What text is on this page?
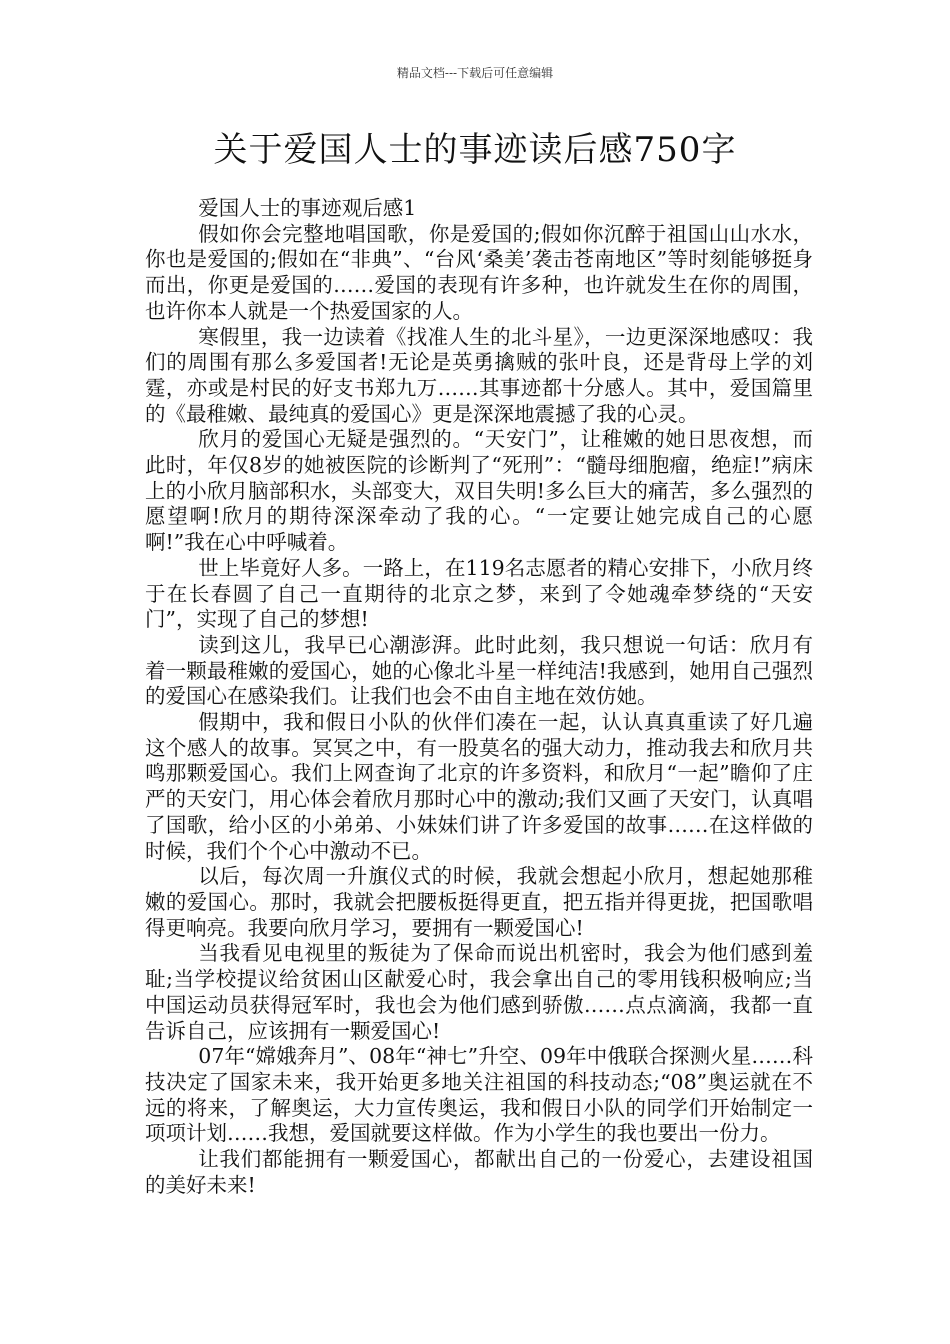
精品文档---下载后可任意编辑
关于爱国人士的事迹读后感750字

爱国人士的事迹观后感1

假如你会完整地唱国歌，你是爱国的;假如你沉醉于祖国山山水水，你也是爱国的;假如在“非典”、“台风‘桑美’袭击苍南地区”等时刻能够挺身而出，你更是爱国的……爱国的表现有许多种，也许就发生在你的周围，也许你本人就是一个热爱国家的人。

寒假里，我一边读着《找准人生的北斗星》，一边更深深地感叹：我们的周围有那么多爱国者!无论是英勇擒贼的张叶良，还是背母上学的刘霆，亦或是村民的好支书郑九万……其事迹都十分感人。其中，爱国篇里的《最稚嫩、最纯真的爱国心》更是深深地震撼了我的心灵。

欣月的爱国心无疑是强烈的。“天安门”，让稚嫩的她日思夜想，而此时，年仅8岁的她被医院的诊断判了“死刑”：“髓母细胞瘤，绝症!”病床上的小欣月脑部积水，头部变大，双目失明!多么巨大的痛苦，多么强烈的愿望啊!欣月的期待深深牵动了我的心。“一定要让她完成自己的心愿啊!”我在心中呼喊着。

世上毕竟好人多。一路上，在119名志愿者的精心安排下，小欣月终于在长春圆了自己一直期待的北京之梦，来到了令她魂牵梦绕的“天安门”，实现了自己的梦想!

读到这儿，我早已心潮澎湃。此时此刻，我只想说一句话：欣月有着一颗最稚嫩的爱国心，她的心像北斗星一样纯洁!我感到，她用自己强烈的爱国心在感染我们。让我们也会不由自主地在效仿她。

假期中，我和假日小队的伙伴们凑在一起，认认真真重读了好几遍这个感人的故事。冥冥之中，有一股莫名的强大动力，推动我去和欣月共鸣那颗爱国心。我们上网查询了北京的许多资料，和欣月“一起”瞻仰了庄严的天安门，用心体会着欣月那时心中的激动;我们又画了天安门，认真唱了国歌，给小区的小弟弟、小妹妹们讲了许多爱国的故事……在这样做的时候，我们个个心中激动不已。

以后，每次周一升旗仪式的时候，我就会想起小欣月，想起她那稚嫩的爱国心。那时，我就会把腰板挺得更直，把五指并得更拢，把国歌唱得更响亮。我要向欣月学习，要拥有一颗爱国心!

当我看见电视里的叛徒为了保命而说出机密时，我会为他们感到羞耻;当学校提议给贫困山区献爱心时，我会拿出自己的零用钱积极响应;当中国运动员获得冠军时，我也会为他们感到骄傲……点点滴滴，我都一直告诉自己，应该拥有一颗爱国心!

07年“嫦娥奔月”、08年“神七”升空、09年中俄联合探测火星……科技决定了国家未来，我开始更多地关注祖国的科技动态;“08”奥运就在不远的将来，了解奥运，大力宣传奥运，我和假日小队的同学们开始制定一项项计划……我想，爱国就要这样做。作为小学生的我也要出一份力。

让我们都能拥有一颗爱国心，都献出自己的一份爱心，去建设祖国的美好未来!
